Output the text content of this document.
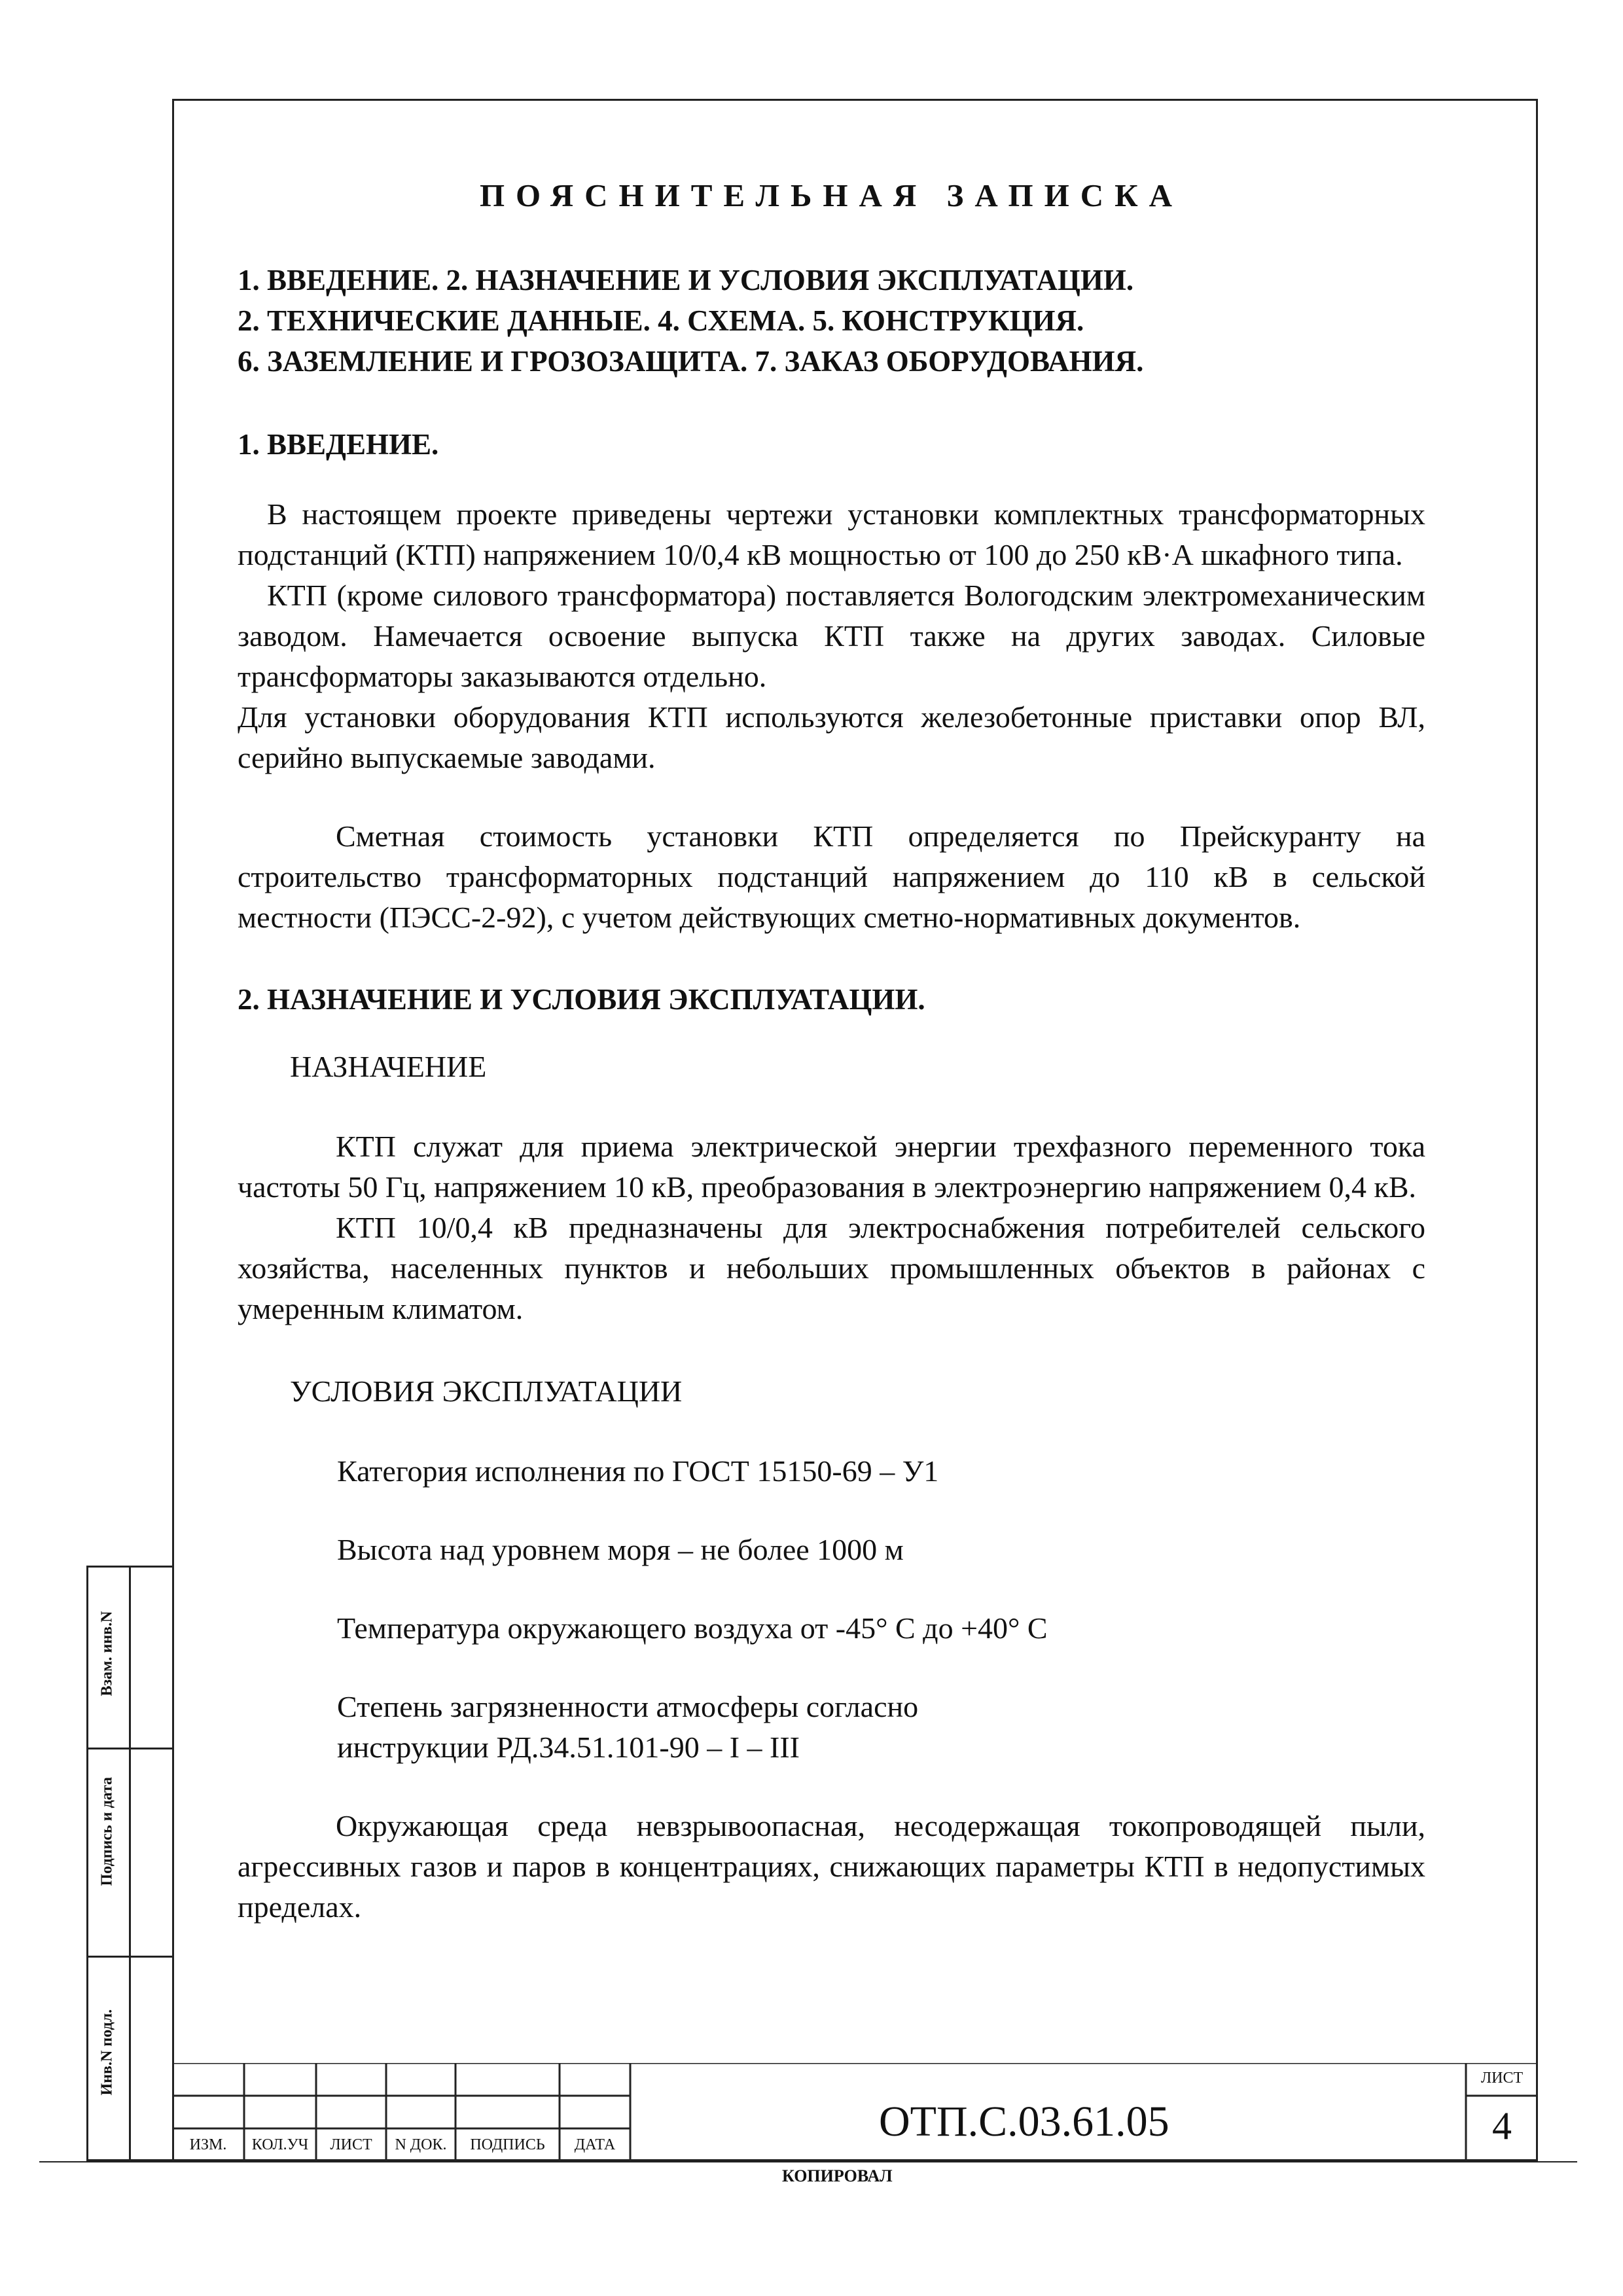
ПОЯСНИТЕЛЬНАЯ ЗАПИСКА
1. ВВЕДЕНИЕ. 2. НАЗНАЧЕНИЕ И УСЛОВИЯ ЭКСПЛУАТАЦИИ.
2. ТЕХНИЧЕСКИЕ ДАННЫЕ. 4. СХЕМА. 5. КОНСТРУКЦИЯ.
6. ЗАЗЕМЛЕНИЕ И ГРОЗОЗАЩИТА. 7. ЗАКАЗ ОБОРУДОВАНИЯ.
1. ВВЕДЕНИЕ.

В настоящем проекте приведены чертежи установки комплектных трансформаторных подстанций (КТП) напряжением 10/0,4 кВ мощностью от 100 до 250 кВ·А шкафного типа.

КТП (кроме силового трансформатора) поставляется Вологодским электромеханическим заводом. Намечается освоение выпуска КТП также на других заводах. Силовые трансформаторы заказываются отдельно.

Для установки оборудования КТП используются железобетонные приставки опор ВЛ, серийно выпускаемые заводами.

Сметная стоимость установки КТП определяется по Прейскуранту на строительство трансформаторных подстанций напряжением до 110 кВ в сельской местности (ПЭСС-2-92), с учетом действующих сметно-нормативных документов.

2. НАЗНАЧЕНИЕ И УСЛОВИЯ ЭКСПЛУАТАЦИИ.
НАЗНАЧЕНИЕ

КТП служат для приема электрической энергии трехфазного переменного тока частоты 50 Гц, напряжением 10 кВ, преобразования в электроэнергию напряжением 0,4 кВ.

КТП 10/0,4 кВ предназначены для электроснабжения потребителей сельского хозяйства, населенных пунктов и небольших промышленных объектов в районах с умеренным климатом.

УСЛОВИЯ ЭКСПЛУАТАЦИИ
Категория исполнения по ГОСТ 15150-69 – У1
Высота над уровнем моря – не более 1000 м
Температура окружающего воздуха от -45° С до +40° С
Степень загрязненности атмосферы согласно
инструкции РД.34.51.101-90 – I – III

Окружающая среда невзрывоопасная, несодержащая токопроводящей пыли, агрессивных газов и паров в концентрациях, снижающих параметры КТП в недопустимых пределах.

Взам. инв.N
Подпись и дата
Инв.N подл.
ИЗМ.	КОЛ.УЧ	ЛИСТ	N ДОК.	ПОДПИСЬ	ДАТА	ОТП.С.03.61.05
ЛИСТ
4
КОПИРОВАЛ
